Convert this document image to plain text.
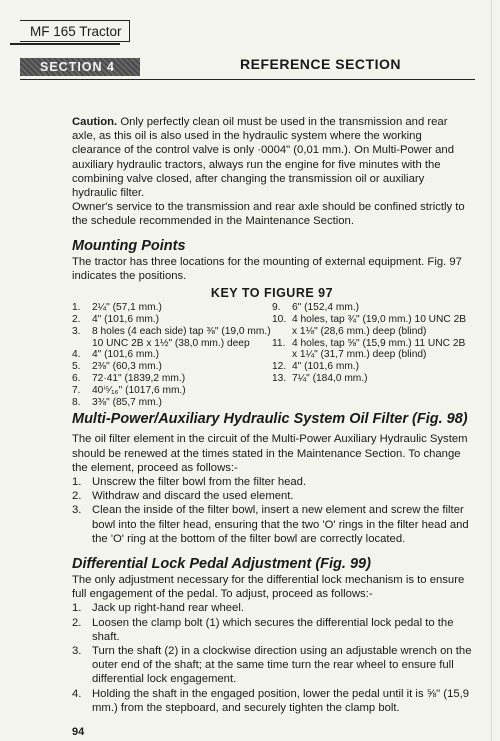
MF 165 Tractor
SECTION 4	REFERENCE SECTION

Caution. Only perfectly clean oil must be used in the transmission and rear axle, as this oil is also used in the hydraulic system where the working clearance of the control valve is only ·0004" (0,01 mm.). On Multi-Power and auxiliary hydraulic tractors, always run the engine for five minutes with the combining valve closed, after changing the transmission oil or auxiliary hydraulic filter.

Owner's service to the transmission and rear axle should be confined strictly to the schedule recommended in the Maintenance Section.

Mounting Points

The tractor has three locations for the mounting of external equipment. Fig. 97 indicates the positions.

KEY TO FIGURE 97
1.	2¼" (57,1 mm.)
2.	4" (101,6 mm.)
3.	8 holes (4 each side) tap ⅜" (19,0 mm.) 10 UNC 2B x 1½" (38,0 mm.) deep
4.	4" (101,6 mm.)
5.	2⅜" (60,3 mm.)
6.	72·41" (1839,2 mm.)
7.	40ⁱ⁵⁄₁₆" (1017,6 mm.)
8.	3⅜" (85,7 mm.)
9.	6" (152,4 mm.)
10. 4 holes, tap ¾" (19,0 mm.) 10 UNC 2B x 1⅛" (28,6 mm.) deep (blind)
11. 4 holes, tap ⅝" (15,9 mm.) 11 UNC 2B x 1¼" (31,7 mm.) deep (blind)
12. 4" (101,6 mm.)
13. 7¼" (184,0 mm.)

Multi-Power/Auxiliary Hydraulic System Oil Filter (Fig. 98)

The oil filter element in the circuit of the Multi-Power Auxiliary Hydraulic System should be renewed at the times stated in the Maintenance Section. To change the element, proceed as follows:-

1. Unscrew the filter bowl from the filter head.
2. Withdraw and discard the used element.
3. Clean the inside of the filter bowl, insert a new element and screw the filter bowl into the filter head, ensuring that the two 'O' rings in the filter head and the 'O' ring at the bottom of the filter bowl are correctly located.

Differential Lock Pedal Adjustment (Fig. 99)

The only adjustment necessary for the differential lock mechanism is to ensure full engagement of the pedal. To adjust, proceed as follows:-

1. Jack up right-hand rear wheel.
2. Loosen the clamp bolt (1) which secures the differential lock pedal to the shaft.
3. Turn the shaft (2) in a clockwise direction using an adjustable wrench on the outer end of the shaft; at the same time turn the rear wheel to ensure full differential lock engagement.
4. Holding the shaft in the engaged position, lower the pedal until it is ⅝" (15,9 mm.) from the stepboard, and securely tighten the clamp bolt.
94
